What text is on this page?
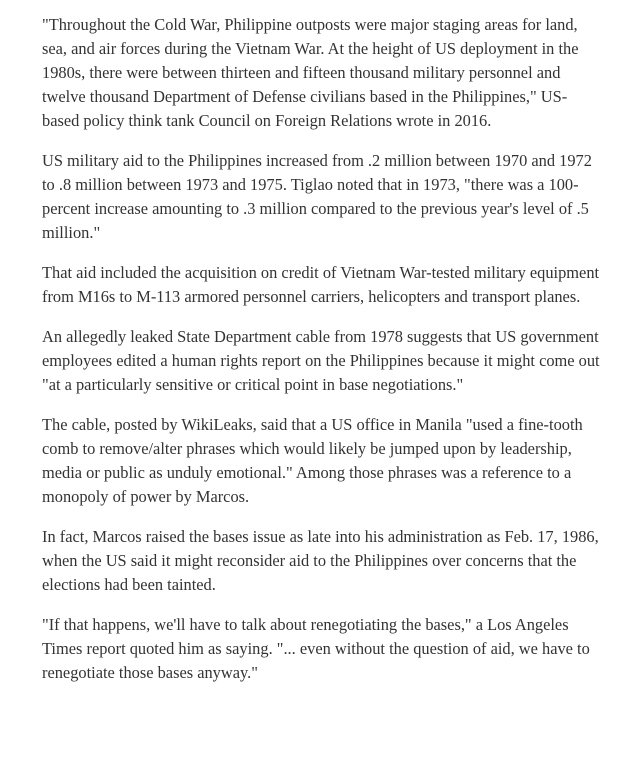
"Throughout the Cold War, Philippine outposts were major staging areas for land, sea, and air forces during the Vietnam War. At the height of US deployment in the 1980s, there were between thirteen and fifteen thousand military personnel and twelve thousand Department of Defense civilians based in the Philippines," US-based policy think tank Council on Foreign Relations wrote in 2016.

US military aid to the Philippines increased from .2 million between 1970 and 1972 to .8 million between 1973 and 1975. Tiglao noted that in 1973, "there was a 100-percent increase amounting to .3 million compared to the previous year's level of .5 million."

That aid included the acquisition on credit of Vietnam War-tested military equipment from M16s to M-113 armored personnel carriers, helicopters and transport planes.

An allegedly leaked State Department cable from 1978 suggests that US government employees edited a human rights report on the Philippines because it might come out "at a particularly sensitive or critical point in base negotiations."

The cable, posted by WikiLeaks, said that a US office in Manila "used a fine-tooth comb to remove/alter phrases which would likely be jumped upon by leadership, media or public as unduly emotional." Among those phrases was a reference to a monopoly of power by Marcos.

In fact, Marcos raised the bases issue as late into his administration as Feb. 17, 1986, when the US said it might reconsider aid to the Philippines over concerns that the elections had been tainted.

"If that happens, we'll have to talk about renegotiating the bases," a Los Angeles Times report quoted him as saying. "... even without the question of aid, we have to renegotiate those bases anyway."
